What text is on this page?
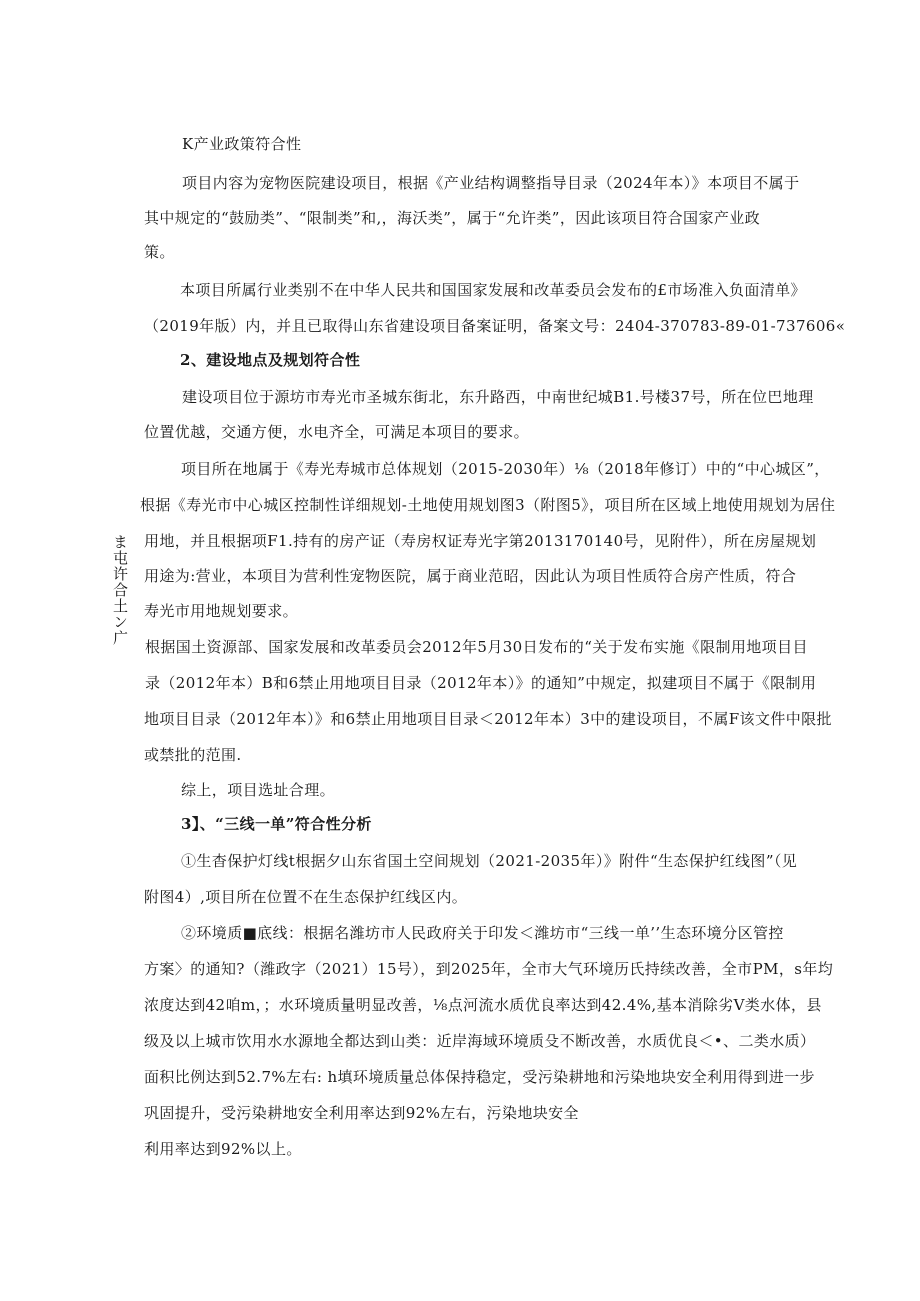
K产业政策符合性
项目内容为宠物医院建设项目，根据《产业结构调整指导目录（2024年本）》本项目不属于
其中规定的“鼓励类”、“限制类”和,，海沃类”，属于“允许类”，因此该项目符合国家产业政
策。
本项目所属行业类别不在中华人民共和国国家发展和改革委员会发布的£市场准入负面清单》
（2019年版）内，并且已取得山东省建设项目备案证明，备案文号：2404-370783-89-01-737606«
2、建设地点及规划符合性
建设项目位于源坊市寿光市圣城东街北，东升路西，中南世纪城B1.号楼37号，所在位巴地理
位置优越，交通方便，水电齐全，可满足本项目的要求。
项目所在地属于《寿光寿城市总体规划（2015-2030年）⅛（2018年修订）中的“中心城区”，
根据《寿光市中心城区控制性详细规划-土地使用规划图3（附图5》，项目所在区域上地使用规划为居住
用地，并且根据项F1.持有的房产证（寿房权证寿光字第2013170140号，见附件），所在房屋规划
用途为:营业，本项目为营利性宠物医院，属于商业范昭，因此认为项目性质符合房产性质，符合
寿光市用地规划要求。
根据国土资源部、国家发展和改革委员会2012年5月30日发布的“关于发布实施《限制用地项目目
录（2012年本）B和6禁止用地项目目录（2012年本）》的通知”中规定，拟建项目不属于《限制用
地项目目录（2012年本）》和6禁止用地项目目录＜2012年本）3中的建设项目，不属F该文件中限批
或禁批的范围.
综上，项目选址合理。
3】、“三线一单”符合性分析
①生杳保护灯线t根据夕山东省国土空间规划（2021-2035年）》附件“生态保护红线图”（见
附图4）,项目所在位置不在生态保护红线区内。
②环境质■底线：根据名潍坊市人民政府关于印发＜潍坊市“三线一单’’生态环境分区管控
方案〉的通知?（潍政字（2021）15号），到2025年，全市大气环境历氏持续改善，全市PM，s年均
浓度达到42咱m，；水环境质量明显改善，⅛点河流水质优良率达到42.4%,基本消除劣V类水体，县
级及以上城市饮用水水源地全都达到山类：近岸海域环境质殳不断改善，水质优良＜•、二类水质）
面积比例达到52.7%左右: h填环境质量总体保持稳定，受污染耕地和污染地块安全利用得到进一步
巩固提升，受污染耕地安全利用率达到92%左右，污染地块安全
利用率达到92%以上。
ま屯许合土ン广
